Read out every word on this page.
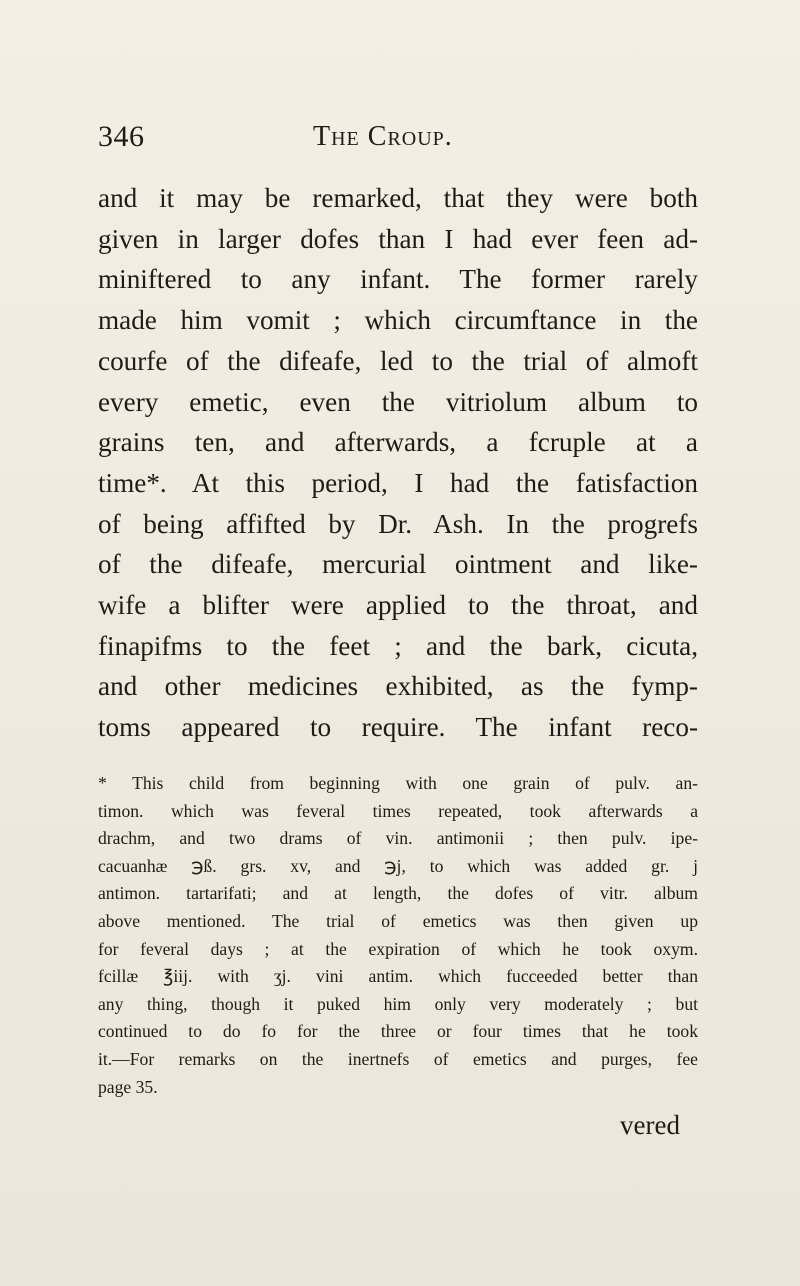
346	The Croup.
and it may be remarked, that they were both
given in larger dofes than I had ever feen ad-
miniftered to any infant. The former rarely
made him vomit ; which circumftance in the
courfe of the difeafe, led to the trial of almoft
every emetic, even the vitriolum album to
grains ten, and afterwards, a fcruple at a
time*. At this period, I had the fatisfaction
of being affifted by Dr. Ash. In the progrefs
of the difeafe, mercurial ointment and like-
wife a blifter were applied to the throat, and
finapifms to the feet ; and the bark, cicuta,
and other medicines exhibited, as the fymp-
toms appeared to require. The infant reco-
* This child from beginning with one grain of pulv. an-
timon. which was feveral times repeated, took afterwards a
drachm, and two drams of vin. antimonii ; then pulv. ipe-
cacuanhæ ℈ß. grs. xv, and ℈j, to which was added gr. j
antimon. tartarifati; and at length, the dofes of vitr. album
above mentioned. The trial of emetics was then given up
for feveral days ; at the expiration of which he took oxym.
fcillæ ℥iij. with ʒj. vini antim. which fucceeded better than
any thing, though it puked him only very moderately ; but
continued to do fo for the three or four times that he took
it.—For remarks on the inertnefs of emetics and purges, fee
page 35.
vered
